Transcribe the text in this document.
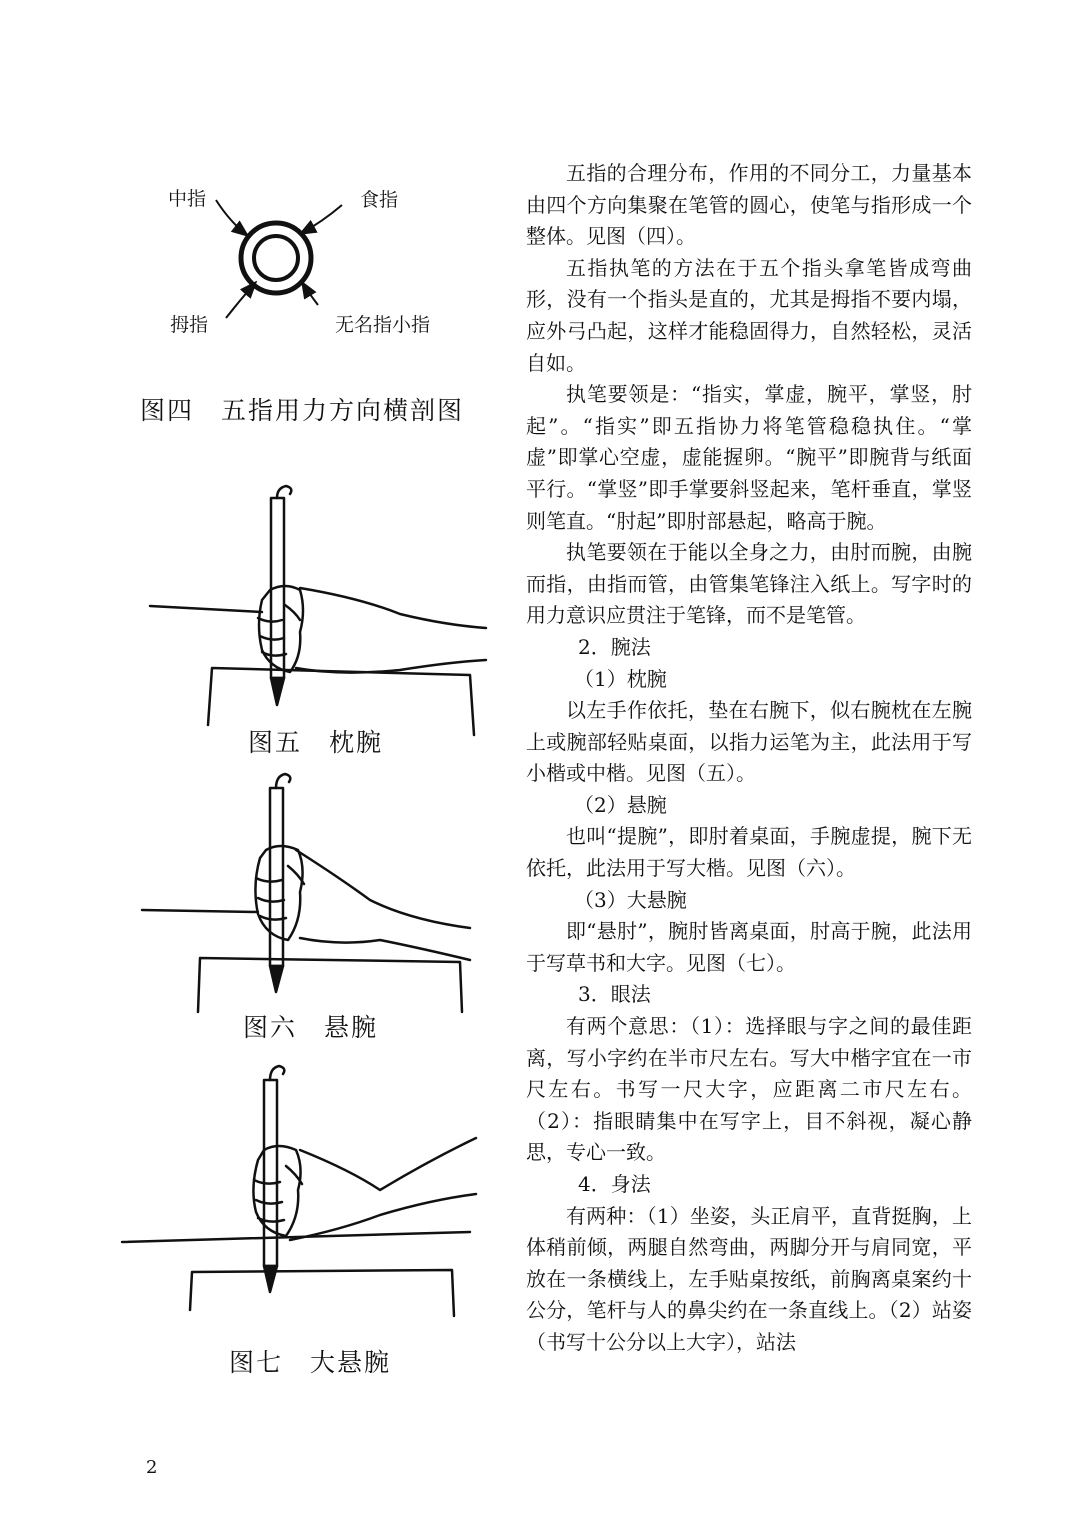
中指	食指
拇指	无名指小指
图四　五指用力方向横剖图
图五　枕腕
图六　悬腕
图七　大悬腕

五指的合理分布，作用的不同分工，力量基本由四个方向集聚在笔管的圆心，使笔与指形成一个整体。见图（四）。

五指执笔的方法在于五个指头拿笔皆成弯曲形，没有一个指头是直的，尤其是拇指不要内塌，应外弓凸起，这样才能稳固得力，自然轻松，灵活自如。

执笔要领是：“指实，掌虚，腕平，掌竖，肘起”。“指实”即五指协力将笔管稳稳执住。“掌虚”即掌心空虚，虚能握卵。“腕平”即腕背与纸面平行。“掌竖”即手掌要斜竖起来，笔杆垂直，掌竖则笔直。“肘起”即肘部悬起，略高于腕。

执笔要领在于能以全身之力，由肘而腕，由腕而指，由指而管，由管集笔锋注入纸上。写字时的用力意识应贯注于笔锋，而不是笔管。

2．腕法

（1）枕腕

以左手作依托，垫在右腕下，似右腕枕在左腕上或腕部轻贴桌面，以指力运笔为主，此法用于写小楷或中楷。见图（五）。

（2）悬腕

也叫“提腕”，即肘着桌面，手腕虚提，腕下无依托，此法用于写大楷。见图（六）。

（3）大悬腕

即“悬肘”，腕肘皆离桌面，肘高于腕，此法用于写草书和大字。见图（七）。

3．眼法

有两个意思：（1）：选择眼与字之间的最佳距离，写小字约在半市尺左右。写大中楷字宜在一市尺左右。书写一尺大字，应距离二市尺左右。（2）：指眼睛集中在写字上，目不斜视，凝心静思，专心一致。

4．身法

有两种：（1）坐姿，头正肩平，直背挺胸，上体稍前倾，两腿自然弯曲，两脚分开与肩同宽，平放在一条横线上，左手贴桌按纸，前胸离桌案约十公分，笔杆与人的鼻尖约在一条直线上。（2）站姿（书写十公分以上大字），站法

2
